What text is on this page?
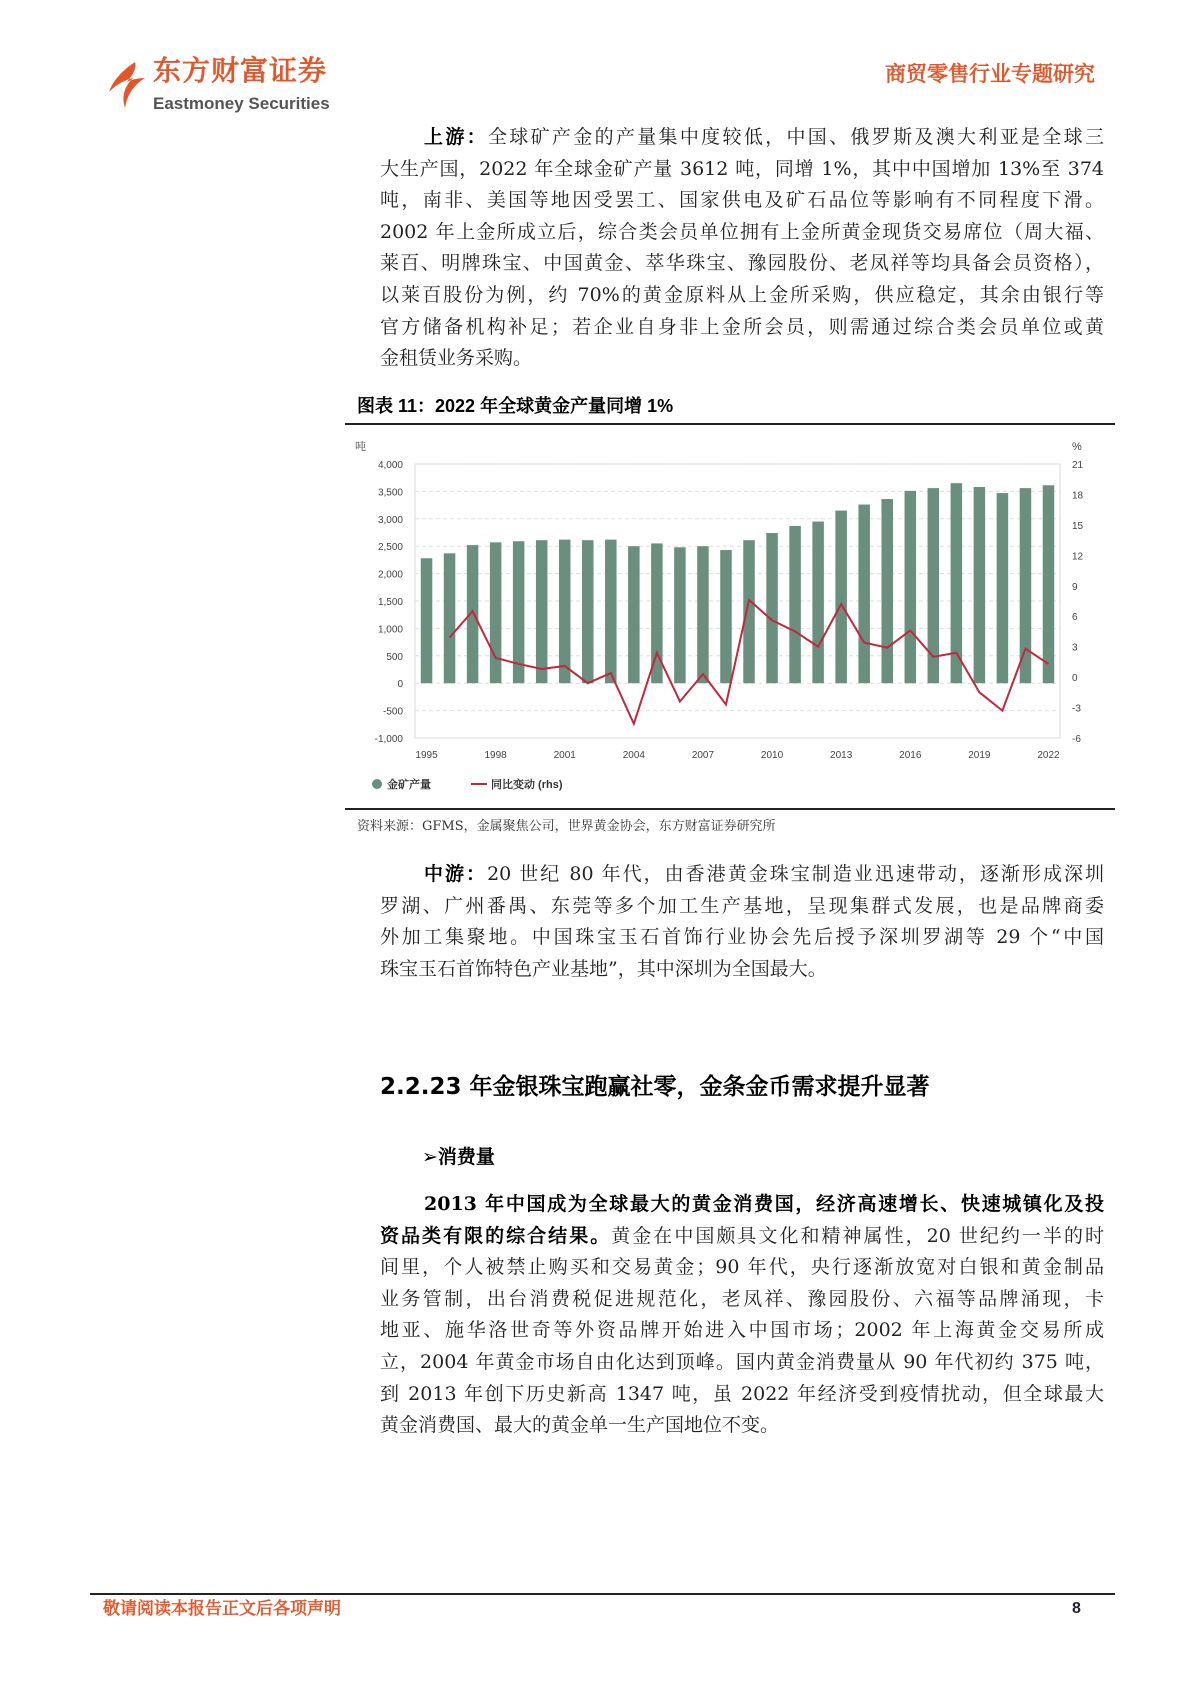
东方财富证券
Eastmoney Securities
商贸零售行业专题研究
上游：全球矿产金的产量集中度较低，中国、俄罗斯及澳大利亚是全球三
大生产国，2022 年全球金矿产量 3612 吨，同增 1%，其中中国增加 13%至 374
吨，南非、美国等地因受罢工、国家供电及矿石品位等影响有不同程度下滑。
2002 年上金所成立后，综合类会员单位拥有上金所黄金现货交易席位（周大福、
莱百、明牌珠宝、中国黄金、萃华珠宝、豫园股份、老凤祥等均具备会员资格），
以莱百股份为例，约 70%的黄金原料从上金所采购，供应稳定，其余由银行等
官方储备机构补足；若企业自身非上金所会员，则需通过综合类会员单位或黄
金租赁业务采购。
图表 11：2022 年全球黄金产量同增 1%
-1,000
-500
0
500
1,000
1,500
2,000
2,500
3,000
3,500
4,000
-6
-3
0
3
6
9
12
15
18
21
吨	%
1995	1998	2001	2004	2007	2010	2013	2016	2019	2022
金矿产量	同比变动 (rhs)
资料来源：GFMS，金属聚焦公司，世界黄金协会，东方财富证券研究所
中游：20 世纪 80 年代，由香港黄金珠宝制造业迅速带动，逐渐形成深圳
罗湖、广州番禺、东莞等多个加工生产基地，呈现集群式发展，也是品牌商委
外加工集聚地。中国珠宝玉石首饰行业协会先后授予深圳罗湖等 29 个“中国
珠宝玉石首饰特色产业基地”，其中深圳为全国最大。
2.2.23 年金银珠宝跑赢社零，金条金币需求提升显著
➢消费量
2013 年中国成为全球最大的黄金消费国，经济高速增长、快速城镇化及投
资品类有限的综合结果。黄金在中国颇具文化和精神属性，20 世纪约一半的时
间里，个人被禁止购买和交易黄金；90 年代，央行逐渐放宽对白银和黄金制品
业务管制，出台消费税促进规范化，老凤祥、豫园股份、六福等品牌涌现，卡
地亚、施华洛世奇等外资品牌开始进入中国市场；2002 年上海黄金交易所成
立，2004 年黄金市场自由化达到顶峰。国内黄金消费量从 90 年代初约 375 吨，
到 2013 年创下历史新高 1347 吨，虽 2022 年经济受到疫情扰动，但全球最大
黄金消费国、最大的黄金单一生产国地位不变。
敬请阅读本报告正文后各项声明	8
